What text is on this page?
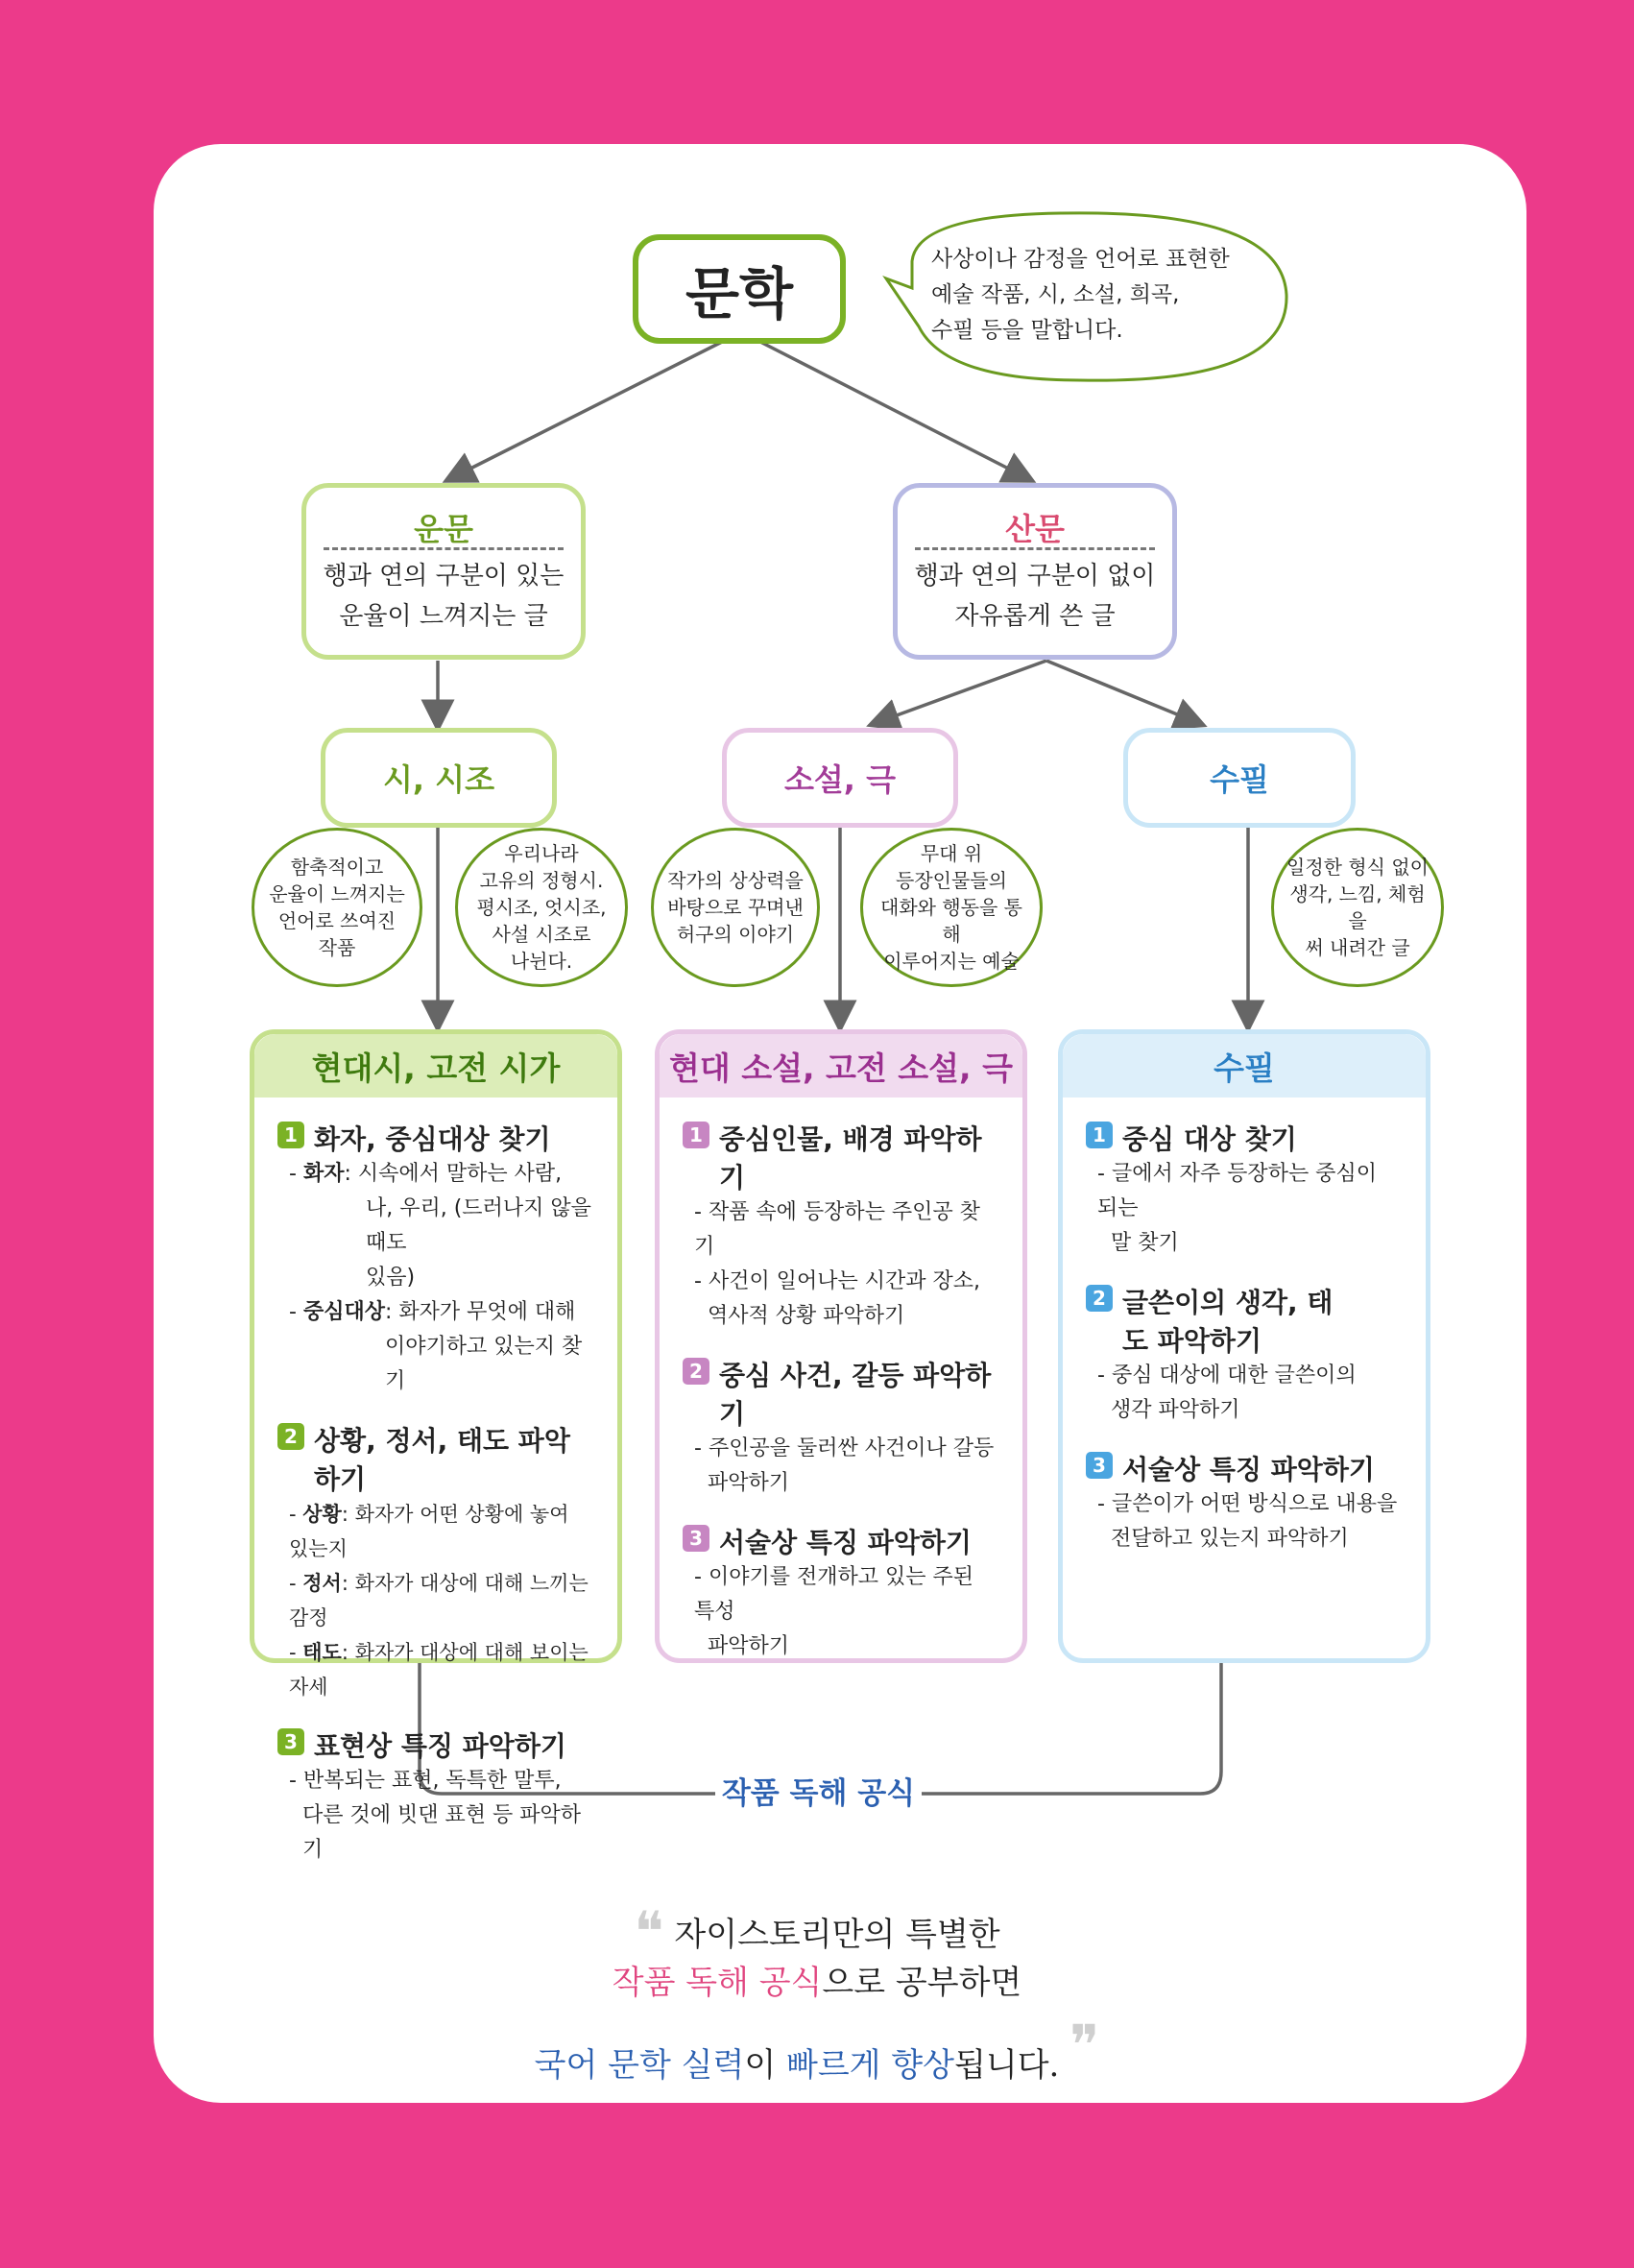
문학
사상이나 감정을 언어로 표현한
예술 작품, 시, 소설, 희곡,
수필 등을 말합니다.
운문
행과 연의 구분이 있는
운율이 느껴지는 글
산문
행과 연의 구분이 없이
자유롭게 쓴 글
시, 시조	소설, 극	수필
함축적이고
운율이 느껴지는
언어로 쓰여진
작품
우리나라
고유의 정형시.
평시조, 엇시조,
사설 시조로
나뉜다.
작가의 상상력을
바탕으로 꾸며낸
허구의 이야기
무대 위
등장인물들의
대화와 행동을 통해
이루어지는 예술
일정한 형식 없이
생각, 느낌, 체험을
써 내려간 글
현대시, 고전 시가
1 화자, 중심대상 찾기
- 화자: 시속에서 말하는 사람,
나, 우리, (드러나지 않을 때도
있음)
- 중심대상: 화자가 무엇에 대해
이야기하고 있는지 찾기
2 상황, 정서, 태도 파악하기
- 상황: 화자가 어떤 상황에 놓여 있는지
- 정서: 화자가 대상에 대해 느끼는 감정
- 태도: 화자가 대상에 대해 보이는 자세
3 표현상 특징 파악하기
- 반복되는 표현, 독특한 말투,
다른 것에 빗댄 표현 등 파악하기
현대 소설, 고전 소설, 극
1 중심인물, 배경 파악하기
- 작품 속에 등장하는 주인공 찾기
- 사건이 일어나는 시간과 장소,
역사적 상황 파악하기
2 중심 사건, 갈등 파악하기
- 주인공을 둘러싼 사건이나 갈등
파악하기
3 서술상 특징 파악하기
- 이야기를 전개하고 있는 주된 특성
파악하기
수필
1 중심 대상 찾기
- 글에서 자주 등장하는 중심이 되는
말 찾기
2 글쓴이의 생각, 태도 파악하기
- 중심 대상에 대한 글쓴이의
생각 파악하기
3 서술상 특징 파악하기
- 글쓴이가 어떤 방식으로 내용을
전달하고 있는지 파악하기
작품 독해 공식
❝ 자이스토리만의 특별한
작품 독해 공식으로 공부하면
국어 문학 실력이 빠르게 향상됩니다. ❞
